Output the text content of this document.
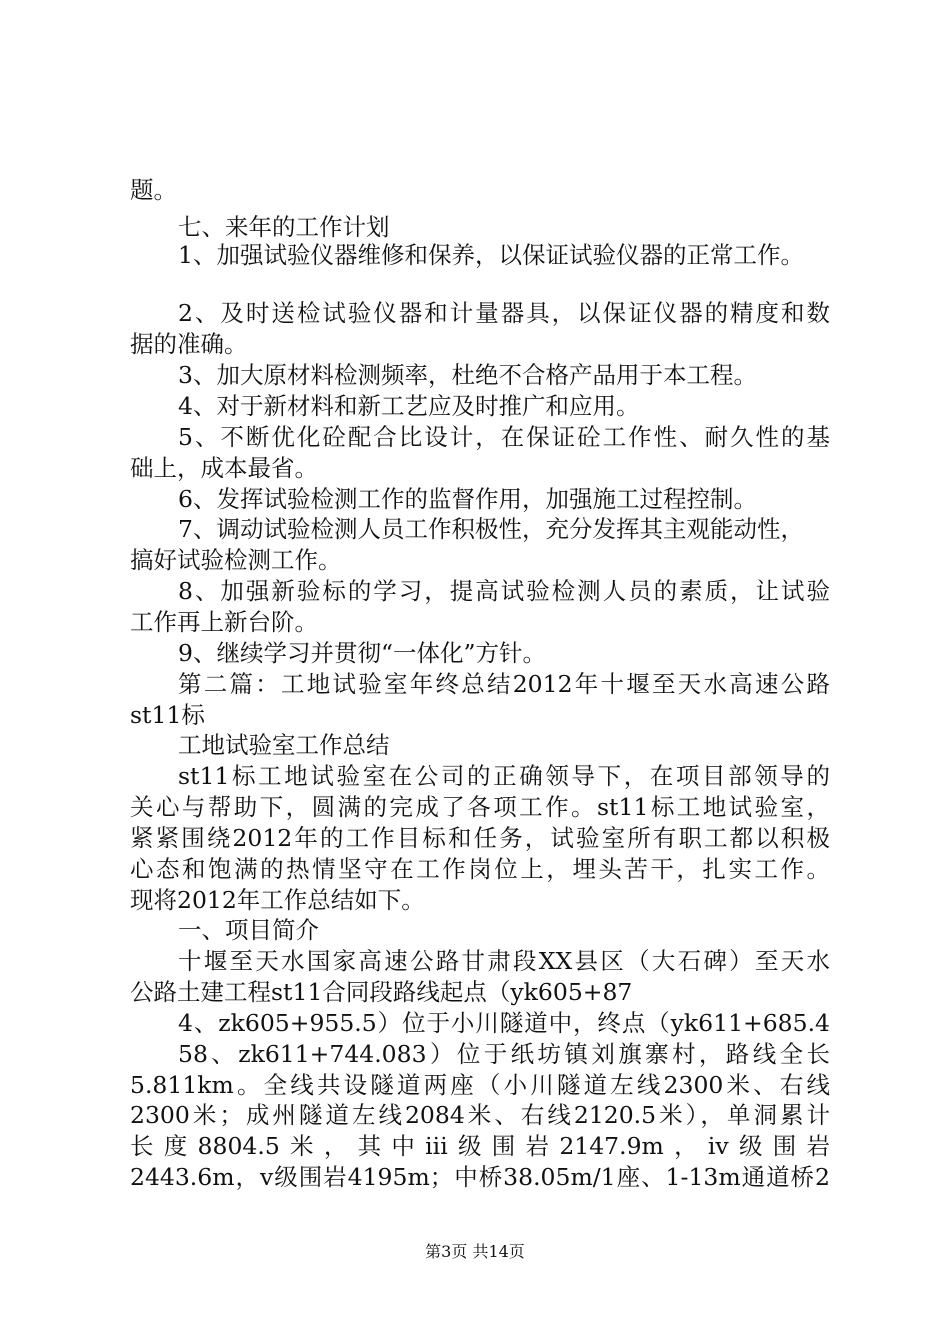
题。
七、来年的工作计划
1、加强试验仪器维修和保养，以保证试验仪器的正常工作。
2、及时送检试验仪器和计量器具，以保证仪器的精度和数
据的准确。
3、加大原材料检测频率，杜绝不合格产品用于本工程。
4、对于新材料和新工艺应及时推广和应用。
5、不断优化砼配合比设计，在保证砼工作性、耐久性的基
础上，成本最省。
6、发挥试验检测工作的监督作用，加强施工过程控制。
7、调动试验检测人员工作积极性，充分发挥其主观能动性，
搞好试验检测工作。
8、加强新验标的学习，提高试验检测人员的素质，让试验
工作再上新台阶。
9、继续学习并贯彻“一体化”方针。
第二篇：工地试验室年终总结2012年十堰至天水高速公路
st11标
工地试验室工作总结
st11标工地试验室在公司的正确领导下，在项目部领导的
关心与帮助下，圆满的完成了各项工作。st11标工地试验室，
紧紧围绕2012年的工作目标和任务，试验室所有职工都以积极
心态和饱满的热情坚守在工作岗位上，埋头苦干，扎实工作。
现将2012年工作总结如下。
一、项目简介
十堰至天水国家高速公路甘肃段XX县区（大石碑）至天水
公路土建工程st11合同段路线起点（yk605+87
4、zk605+955.5）位于小川隧道中，终点（yk611+685.4
58、zk611+744.083）位于纸坊镇刘旗寨村，路线全长
5.811km。全线共设隧道两座（小川隧道左线2300米、右线
2300米；成州隧道左线2084米、右线2120.5米），单洞累计
长度8804.5米，其中iii级围岩2147.9m，iv级围岩
2443.6m，v级围岩4195m；中桥38.05m/1座、1-13m通道桥2
第3页 共14页
